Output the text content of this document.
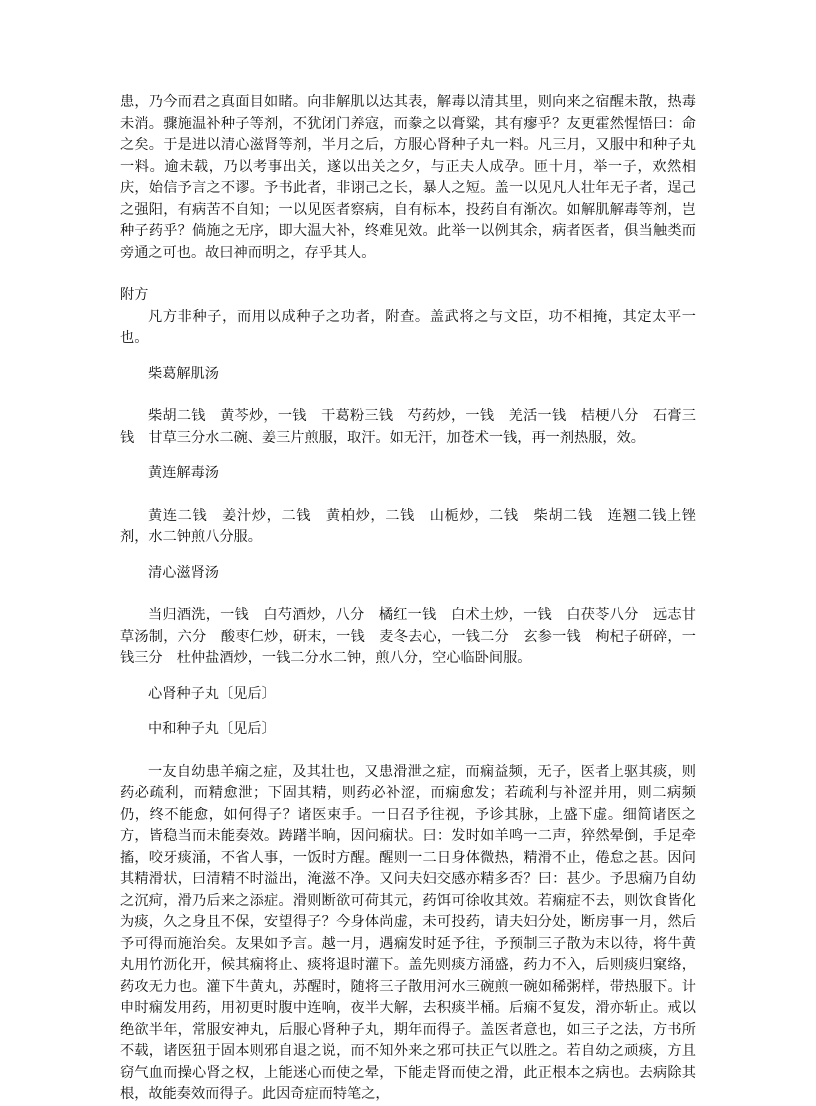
患，乃今而君之真面目如睹。向非解肌以达其表，解毒以清其里，则向来之宿醒未散，热毒未消。骤施温补种子等剂，不犹闭门养寇，而豢之以膏粱，其有瘳乎？友更霍然惺悟曰：命之矣。于是进以清心滋肾等剂，半月之后，方服心肾种子丸一料。凡三月，又服中和种子丸一料。逾未载，乃以考事出关，遂以出关之夕，与正夫人成孕。匝十月，举一子，欢然相庆，始信予言之不谬。予书此者，非诩己之长，暴人之短。盖一以见凡人壮年无子者，逞己之强阳，有病苦不自知；一以见医者察病，自有标本，投药自有渐次。如解肌解毒等剂，岂种子药乎？倘施之无序，即大温大补，终难见效。此举一以例其余，病者医者，俱当触类而旁通之可也。故曰神而明之，存乎其人。

附方

凡方非种子，而用以成种子之功者，附查。盖武将之与文臣，功不相掩，其定太平一也。

柴葛解肌汤

柴胡二钱　黄芩炒，一钱　干葛粉三钱　芍药炒，一钱　羌活一钱　桔梗八分　石膏三钱　甘草三分水二碗、姜三片煎服，取汗。如无汗，加苍术一钱，再一剂热服，效。

黄连解毒汤

黄连二钱　姜汁炒，二钱　黄柏炒，二钱　山栀炒，二钱　柴胡二钱　连翘二钱上锉剂，水二钟煎八分服。

清心滋肾汤

当归酒洗，一钱　白芍酒炒，八分　橘红一钱　白术土炒，一钱　白茯苓八分　远志甘草汤制，六分　酸枣仁炒，研末，一钱　麦冬去心，一钱二分　玄参一钱　枸杞子研碎，一钱三分　杜仲盐酒炒，一钱二分水二钟，煎八分，空心临卧间服。

心肾种子丸〔见后〕

中和种子丸〔见后〕

一友自幼患羊痫之症，及其壮也，又患滑泄之症，而痫益频，无子，医者上驱其痰，则药必疏利，而精愈泄；下固其精，则药必补涩，而痫愈发；若疏利与补涩并用，则二病频仍，终不能愈，如何得子？诸医束手。一日召予往视，予诊其脉，上盛下虚。细简诸医之方，皆稳当而未能奏效。踌躇半晌，因问痫状。曰：发时如羊鸣一二声，猝然晕倒，手足牵搐，咬牙痰涌，不省人事，一饭时方醒。醒则一二日身体微热，精滑不止，倦怠之甚。因问其精滑状，曰清精不时溢出，淹滋不净。又问夫妇交感亦精多否？曰：甚少。予思痫乃自幼之沉疴，滑乃后来之添症。滑则断欲可荷其元，药饵可徐收其效。若痫症不去，则饮食皆化为痰，久之身且不保，安望得子？今身体尚虚，未可投药，请夫妇分处，断房事一月，然后予可得而施治矣。友果如予言。越一月，遇痫发时延予往，予预制三子散为末以待，将牛黄丸用竹沥化开，候其痫将止、痰将退时灌下。盖先则痰方涌盛，药力不入，后则痰归窠络，药攻无力也。灌下牛黄丸，苏醒时，随将三子散用河水三碗煎一碗如稀粥样，带热服下。计申时痫发用药，用初更时腹中连响，夜半大解，去积痰半桶。后痫不复发，滑亦斩止。戒以绝欲半年，常服安神丸，后服心肾种子丸，期年而得子。盖医者意也，如三子之法，方书所不载，诸医狃于固本则邪自退之说，而不知外来之邪可扶正气以胜之。若自幼之顽痰，方且窃气血而操心肾之权，上能迷心而使之晕，下能走肾而使之滑，此正根本之病也。去病除其根，故能奏效而得子。此因奇症而特笔之，
